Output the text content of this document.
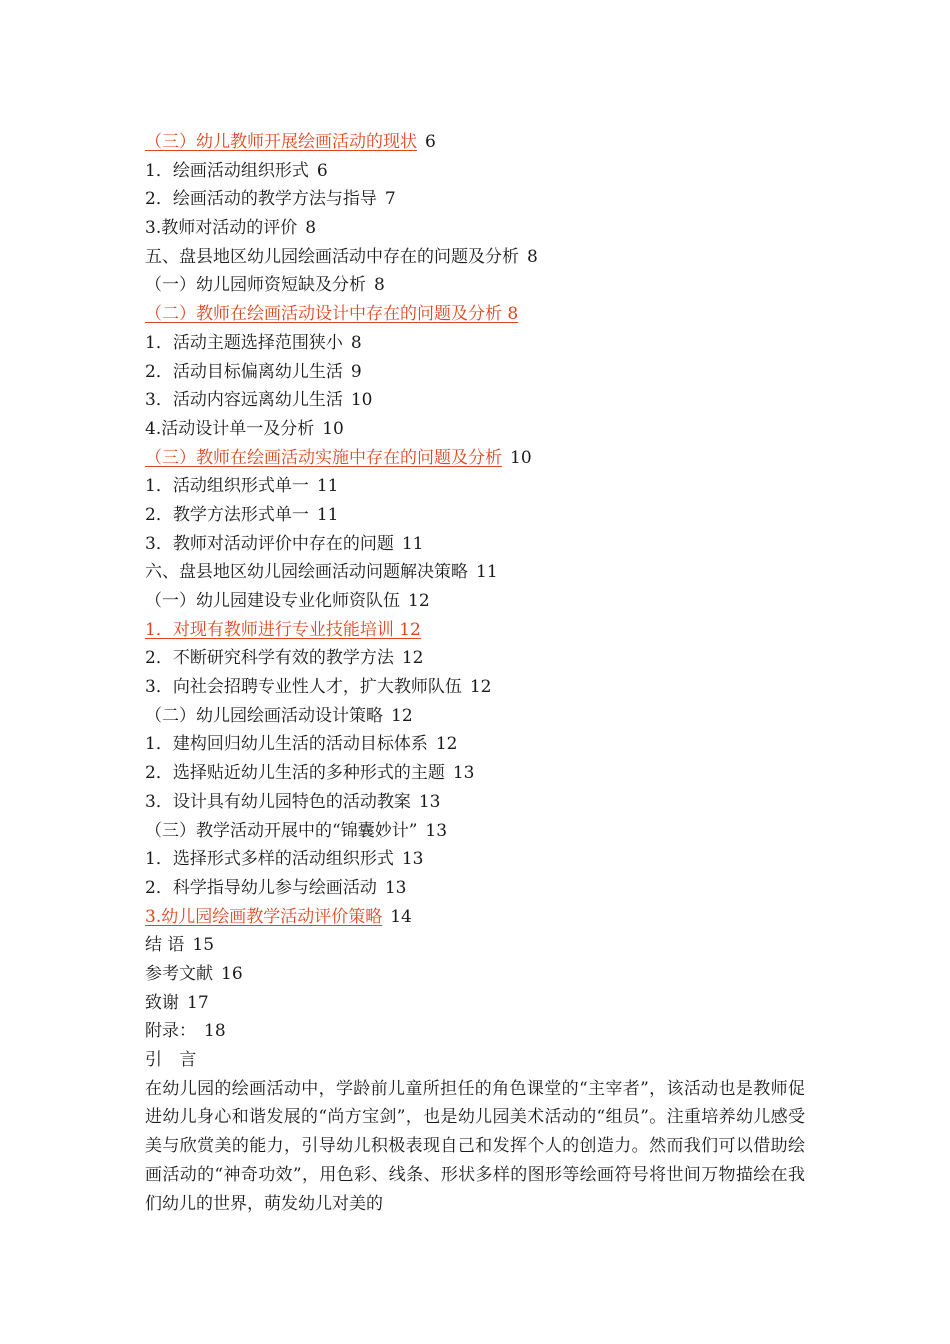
（三）幼儿教师开展绘画活动的现状 6
1．绘画活动组织形式 6
2．绘画活动的教学方法与指导 7
3.教师对活动的评价 8
五、盘县地区幼儿园绘画活动中存在的问题及分析 8
（一）幼儿园师资短缺及分析 8
（二）教师在绘画活动设计中存在的问题及分析 8
1．活动主题选择范围狭小 8
2．活动目标偏离幼儿生活 9
3．活动内容远离幼儿生活 10
4.活动设计单一及分析 10
（三）教师在绘画活动实施中存在的问题及分析 10
1．活动组织形式单一 11
2．教学方法形式单一 11
3．教师对活动评价中存在的问题 11
六、盘县地区幼儿园绘画活动问题解决策略 11
（一）幼儿园建设专业化师资队伍 12
1．对现有教师进行专业技能培训 12
2．不断研究科学有效的教学方法 12
3．向社会招聘专业性人才，扩大教师队伍 12
（二）幼儿园绘画活动设计策略 12
1．建构回归幼儿生活的活动目标体系 12
2．选择贴近幼儿生活的多种形式的主题 13
3．设计具有幼儿园特色的活动教案 13
（三）教学活动开展中的“锦囊妙计” 13
1．选择形式多样的活动组织形式 13
2．科学指导幼儿参与绘画活动 13
3.幼儿园绘画教学活动评价策略 14
结 语 15
参考文献 16
致谢 17
附录： 18
引 言

在幼儿园的绘画活动中，学龄前儿童所担任的角色课堂的“主宰者”，该活动也是教师促进幼儿身心和谐发展的“尚方宝剑”，也是幼儿园美术活动的“组员”。注重培养幼儿感受美与欣赏美的能力，引导幼儿积极表现自己和发挥个人的创造力。然而我们可以借助绘画活动的“神奇功效”，用色彩、线条、形状多样的图形等绘画符号将世间万物描绘在我们幼儿的世界，萌发幼儿对美的
